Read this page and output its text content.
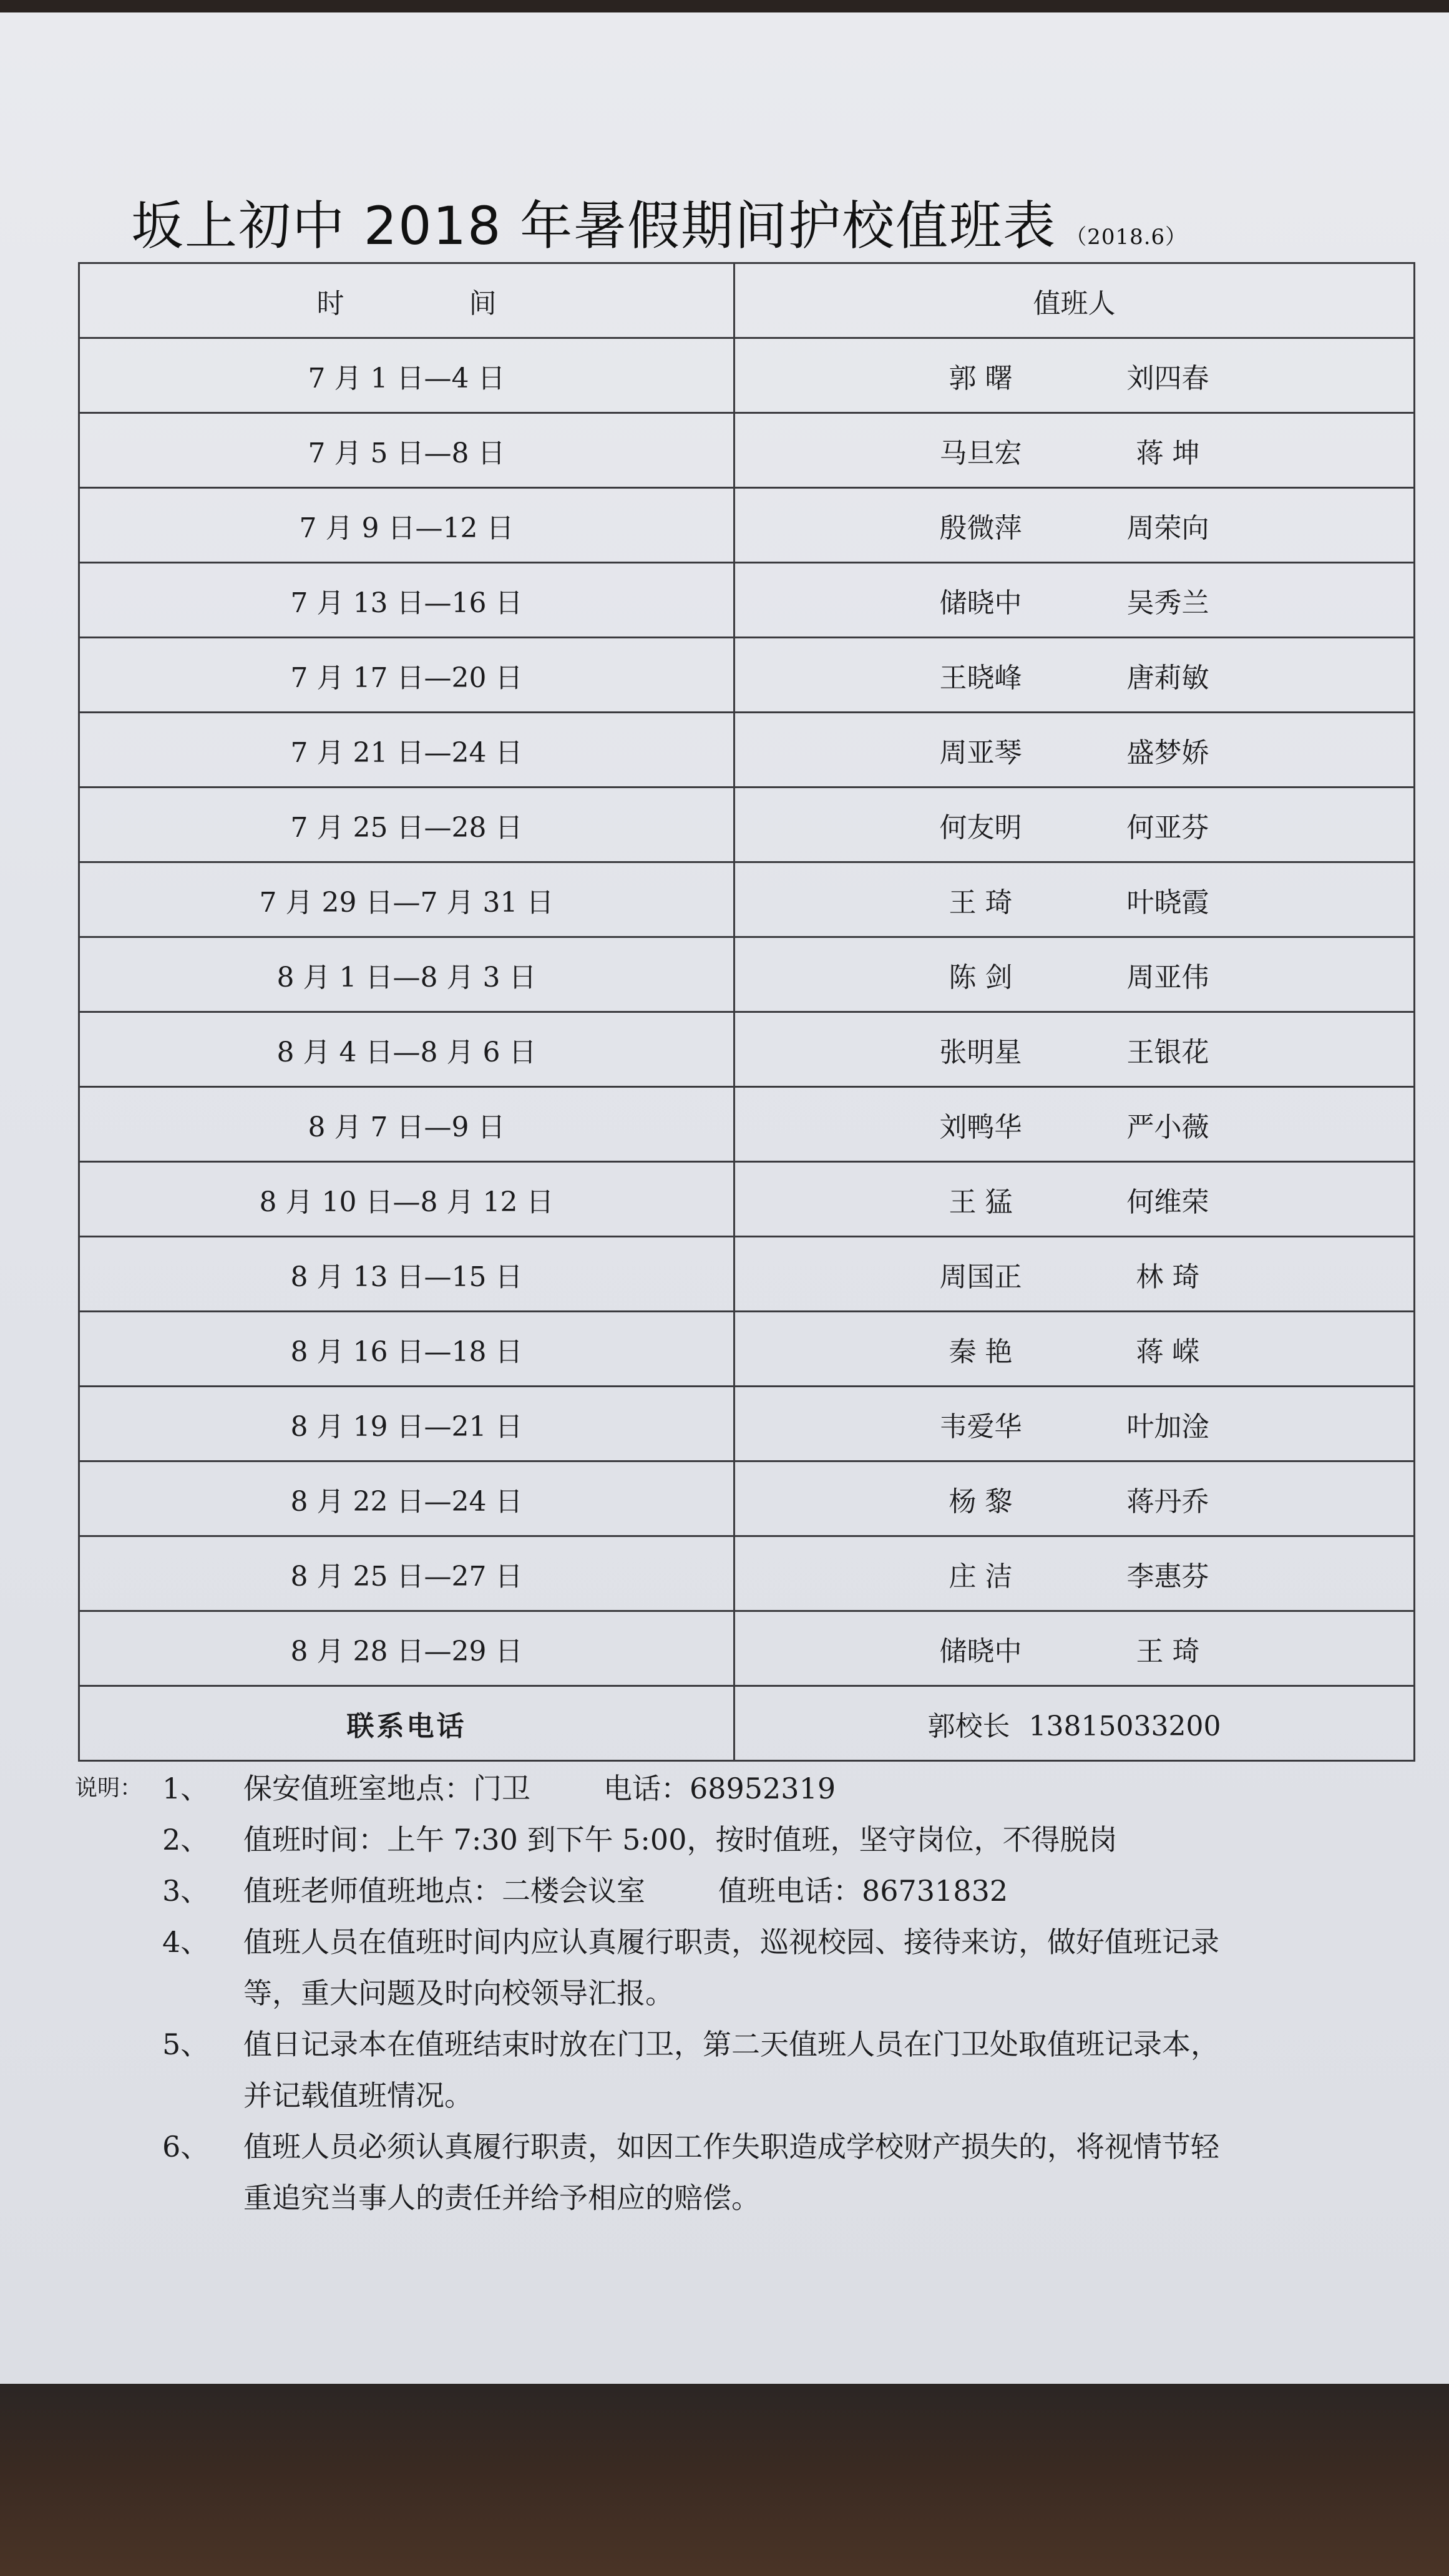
坂上初中 2018 年暑假期间护校值班表 （2018.6）
时间	值班人
7 月 1 日—4 日	郭 曙 刘四春
7 月 5 日—8 日	马旦宏 蒋 坤
7 月 9 日—12 日	殷微萍 周荣向
7 月 13 日—16 日	储晓中 吴秀兰
7 月 17 日—20 日	王晓峰 唐莉敏
7 月 21 日—24 日	周亚琴 盛梦娇
7 月 25 日—28 日	何友明 何亚芬
7 月 29 日—7 月 31 日	王 琦 叶晓霞
8 月 1 日—8 月 3 日	陈 剑 周亚伟
8 月 4 日—8 月 6 日	张明星 王银花
8 月 7 日—9 日	刘鸭华 严小薇
8 月 10 日—8 月 12 日	王 猛 何维荣
8 月 13 日—15 日	周国正 林 琦
8 月 16 日—18 日	秦 艳 蒋 嵘
8 月 19 日—21 日	韦爱华 叶加淦
8 月 22 日—24 日	杨 黎 蒋丹乔
8 月 25 日—27 日	庄 洁 李惠芬
8 月 28 日—29 日	储晓中 王 琦
联系电话	郭校长 13815033200
说明： 1、 保安值班室地点：门卫        电话：68952319
2、 值班时间：上午 7:30 到下午 5:00，按时值班，坚守岗位，不得脱岗
3、 值班老师值班地点：二楼会议室        值班电话：86731832
4、 值班人员在值班时间内应认真履行职责，巡视校园、接待来访，做好值班记录
等，重大问题及时向校领导汇报。
5、 值日记录本在值班结束时放在门卫，第二天值班人员在门卫处取值班记录本，
并记载值班情况。
6、 值班人员必须认真履行职责，如因工作失职造成学校财产损失的，将视情节轻
重追究当事人的责任并给予相应的赔偿。
